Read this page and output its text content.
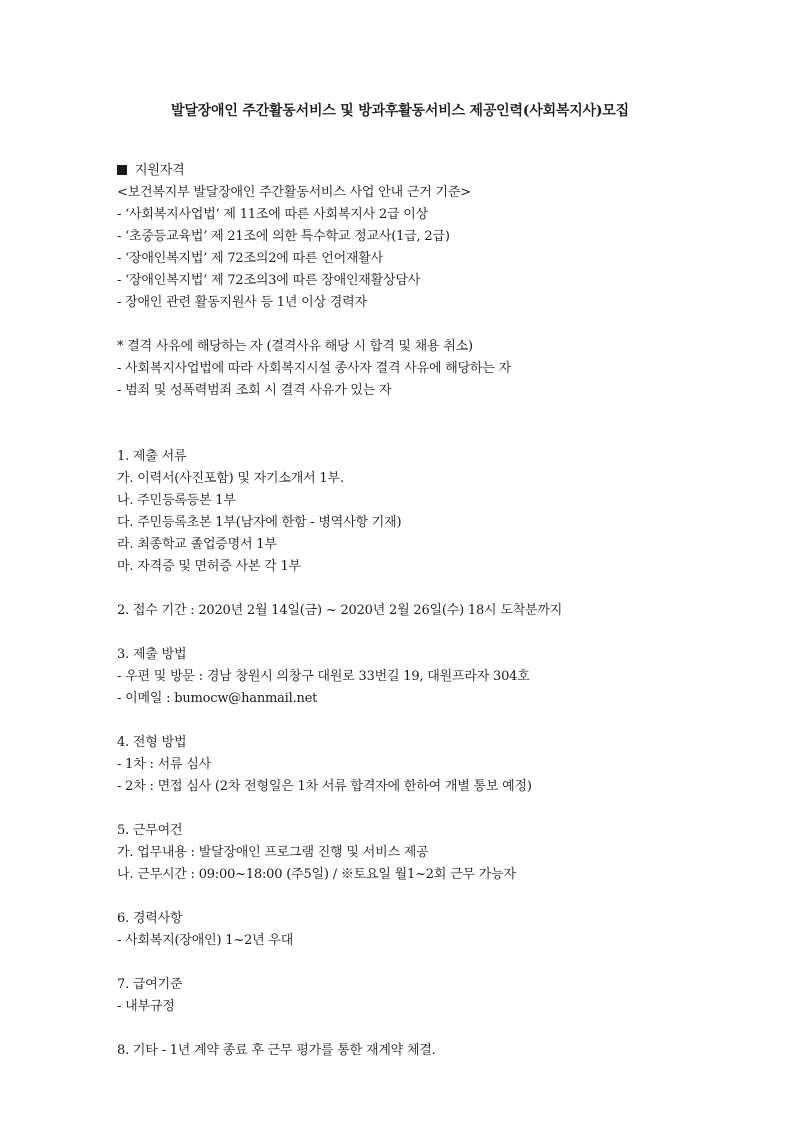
발달장애인 주간활동서비스 및 방과후활동서비스 제공인력(사회복지사)모집
지원자격
<보건복지부 발달장애인 주간활동서비스 사업 안내 근거 기준>
- ‘사회복지사업법’ 제 11조에 따른 사회복지사 2급 이상
- ‘초중등교육법’ 제 21조에 의한 특수학교 정교사(1급, 2급)
- ‘장애인복지법’ 제 72조의2에 따른 언어재활사
- ‘장애인복지법’ 제 72조의3에 따른 장애인재활상담사
- 장애인 관련 활동지원사 등 1년 이상 경력자
* 결격 사유에 해당하는 자 (결격사유 해당 시 합격 및 채용 취소)
- 사회복지사업법에 따라 사회복지시설 종사자 결격 사유에 해당하는 자
- 범죄 및 성폭력범죄 조회 시 결격 사유가 있는 자
1. 제출 서류
가. 이력서(사진포함) 및 자기소개서 1부.
나. 주민등록등본 1부
다. 주민등록초본 1부(남자에 한함 - 병역사항 기재)
라. 최종학교 졸업증명서 1부
마. 자격증 및 면허증 사본 각 1부
2. 접수 기간 : 2020년 2월 14일(금) ~ 2020년 2월 26일(수) 18시 도착분까지
3. 제출 방법
- 우편 및 방문 : 경남 창원시 의창구 대원로 33번길 19, 대원프라자 304호
- 이메일 : bumocw@hanmail.net
4. 전형 방법
- 1차 : 서류 심사
- 2차 : 면접 심사 (2차 전형일은 1차 서류 합격자에 한하여 개별 통보 예정)
5. 근무여건
가. 업무내용 : 발달장애인 프로그램 진행 및 서비스 제공
나. 근무시간 : 09:00~18:00 (주5일) / ※토요일 월1~2회 근무 가능자
6. 경력사항
- 사회복지(장애인) 1~2년 우대
7. 급여기준
- 내부규정
8. 기타 - 1년 계약 종료 후 근무 평가를 통한 재계약 체결.
